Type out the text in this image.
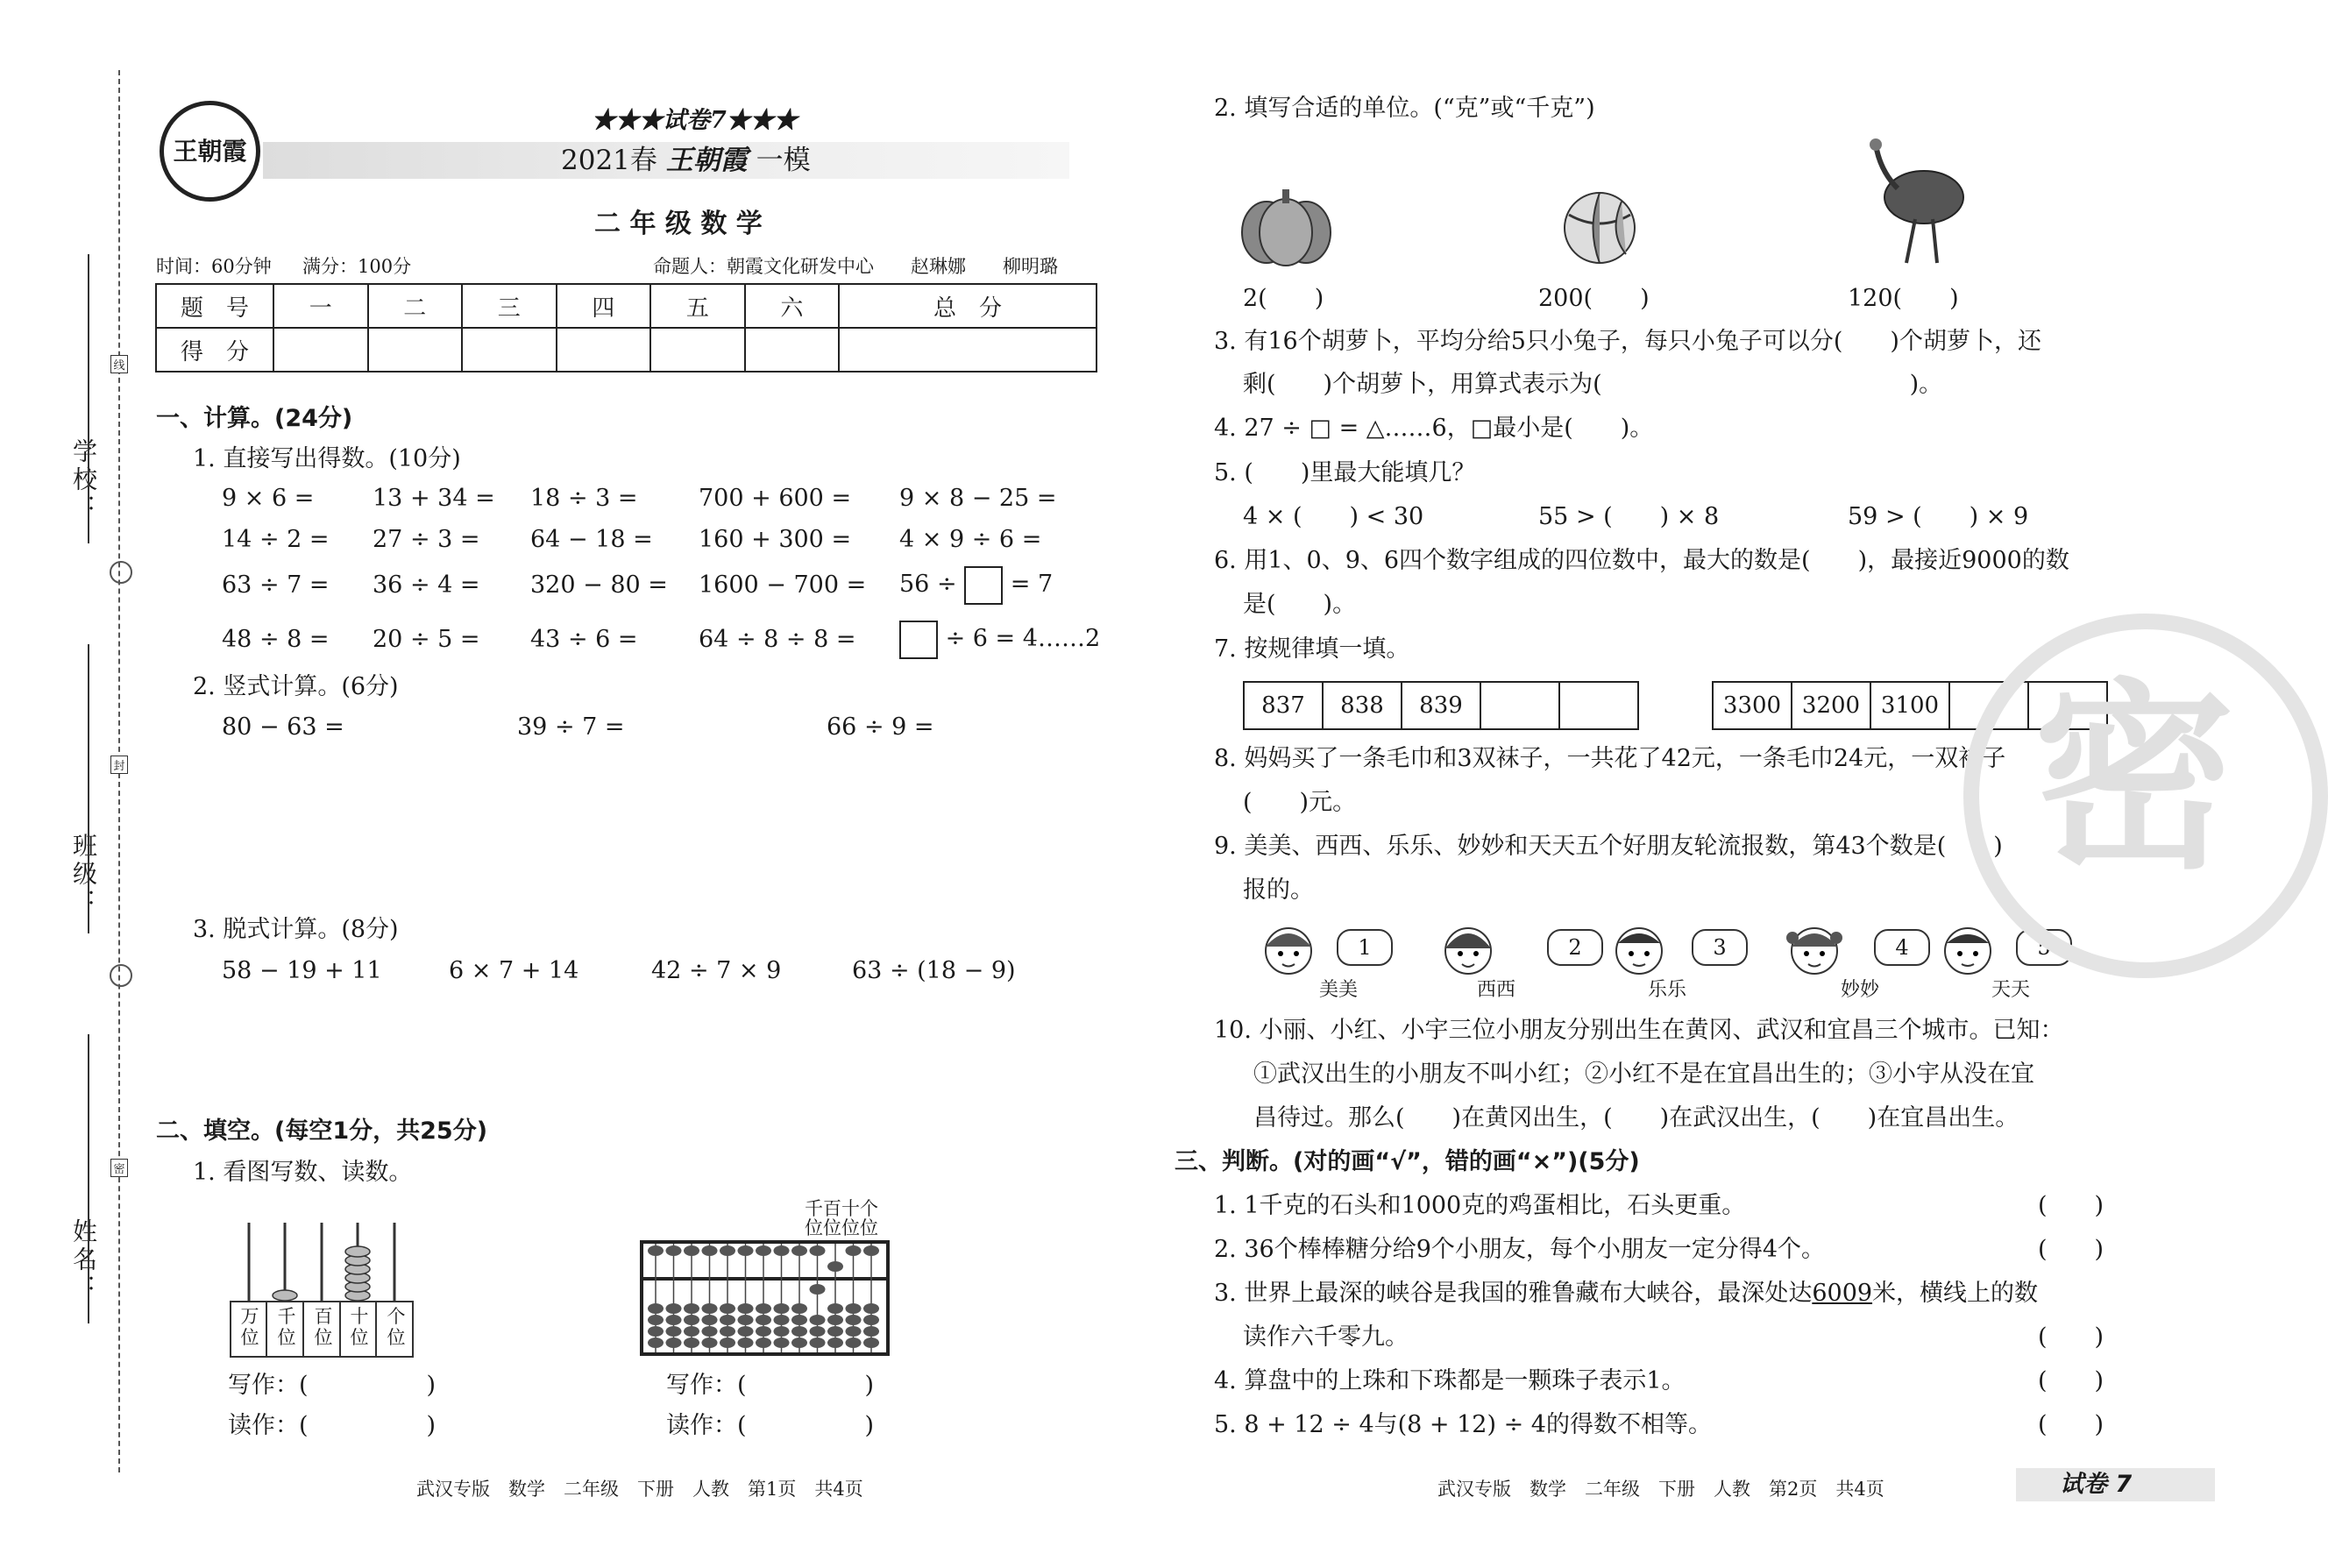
学校：
班级：
姓名：
线
封
密
王朝霞
★★★试卷7★★★
2021春 王朝霞 一模
二 年 级 数 学
时间：60分钟 满分：100分	命题人：朝霞文化研发中心　　赵琳娜　　柳明璐
题　号	一	二	三	四	五	六	总　分
得　分							
一、计算。(24分)
1. 直接写出得数。(10分)
9 × 6 = 13 + 34 = 18 ÷ 3 =	700 + 600 = 9 × 8 − 25 =
14 ÷ 2 = 27 ÷ 3 = 64 − 18 = 160 + 300 = 4 × 9 ÷ 6 =
63 ÷ 7 = 36 ÷ 4 = 320 − 80 = 1600 − 700 = 56 ÷ = 7
48 ÷ 8 = 20 ÷ 5 = 43 ÷ 6 =	64 ÷ 8 ÷ 8 =	÷ 6 = 4……2
2. 竖式计算。(6分)
80 − 63 =	39 ÷ 7 =	66 ÷ 9 =
3. 脱式计算。(8分)
58 − 19 + 11	6 × 7 + 14	42 ÷ 7 × 9	63 ÷ (18 − 9)
二、填空。(每空1分，共25分)
1. 看图写数、读数。
万
位
千
位
百
位
十
位
个
位
千百十个
位位位位
写作：(　　　　　)
读作：(　　　　　)
写作：(　　　　　)
读作：(　　　　　)
武汉专版　数学　二年级　下册　人教　第1页　共4页
2. 填写合适的单位。(“克”或“千克”)
2(　　)	200(　　)	120(　　)
3. 有16个胡萝卜，平均分给5只小兔子，每只小兔子可以分(　　)个胡萝卜，还
剩(　　)个胡萝卜，用算式表示为(　　　　　　　　　　　　　)。
4. 27 ÷ □ = △……6，□最小是(　　)。
5. (　　)里最大能填几？
4 × (　　) < 30	55 > (　　) × 8	59 > (　　) × 9
6. 用1、0、9、6四个数字组成的四位数中，最大的数是(　　)，最接近9000的数
是(　　)。
7. 按规律填一填。
837	838	839			3300	3200	3100		
8. 妈妈买了一条毛巾和3双袜子，一共花了42元，一条毛巾24元，一双袜子
(　　)元。
9. 美美、西西、乐乐、妙妙和天天五个好朋友轮流报数，第43个数是(　　)
报的。
1
美美
2
西西
3
乐乐
4
妙妙
5
天天
10. 小丽、小红、小宇三位小朋友分别出生在黄冈、武汉和宜昌三个城市。已知：
①武汉出生的小朋友不叫小红；②小红不是在宜昌出生的；③小宇从没在宜
昌待过。那么(　　)在黄冈出生，(　　)在武汉出生，(　　)在宜昌出生。
三、判断。(对的画“√”，错的画“×”)(5分)
1. 1千克的石头和1000克的鸡蛋相比，石头更重。	(　　)
2. 36个棒棒糖分给9个小朋友，每个小朋友一定分得4个。	(　　)
3. 世界上最深的峡谷是我国的雅鲁藏布大峡谷，最深处达6009米，横线上的数
读作六千零九。	(　　)
4. 算盘中的上珠和下珠都是一颗珠子表示1。	(　　)
5. 8 + 12 ÷ 4与(8 + 12) ÷ 4的得数不相等。	(　　)
密
武汉专版　数学　二年级　下册　人教　第2页　共4页	试卷 7
